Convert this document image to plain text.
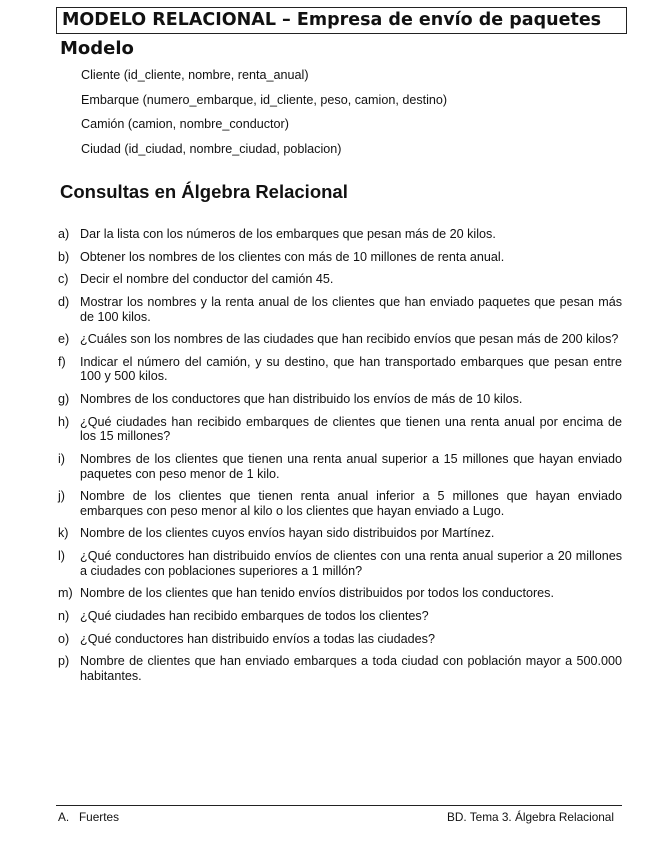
MODELO RELACIONAL – Empresa de envío de paquetes
Modelo
Cliente (id_cliente, nombre, renta_anual)
Embarque (numero_embarque, id_cliente, peso, camion, destino)
Camión (camion, nombre_conductor)
Ciudad (id_ciudad, nombre_ciudad, poblacion)
Consultas en Álgebra Relacional
a) Dar la lista con los números de los embarques que pesan más de 20 kilos.
b) Obtener los nombres de los clientes con más de 10 millones de renta anual.
c) Decir el nombre del conductor del camión 45.
d) Mostrar los nombres y la renta anual de los clientes que han enviado paquetes que pesan más de 100 kilos.
e) ¿Cuáles son los nombres de las ciudades que han recibido envíos que pesan más de 200 kilos?
f)	Indicar el número del camión, y su destino, que han transportado embarques que pesan entre 100 y 500 kilos.
g) Nombres de los conductores que han distribuido los envíos de más de 10 kilos.
h) ¿Qué ciudades han recibido embarques de clientes que tienen una renta anual por encima de los 15 millones?
i)	Nombres de los clientes que tienen una renta anual superior a 15 millones que hayan enviado paquetes con peso menor de 1 kilo.
j)	Nombre de los clientes que tienen renta anual inferior a 5 millones que hayan enviado embarques con peso menor al kilo o los clientes que hayan enviado a Lugo.
k) Nombre de los clientes cuyos envíos hayan sido distribuidos por Martínez.
l)	¿Qué conductores han distribuido envíos de clientes con una renta anual superior a 20 millones a ciudades con poblaciones superiores a 1 millón?
m) Nombre de los clientes que han tenido envíos distribuidos por todos los conductores.
n) ¿Qué ciudades han recibido embarques de todos los clientes?
o) ¿Qué conductores han distribuido envíos a todas las ciudades?
p) Nombre de clientes que han enviado embarques a toda ciudad con población mayor a 500.000 habitantes.
A.   Fuertes	BD. Tema 3. Álgebra Relacional
